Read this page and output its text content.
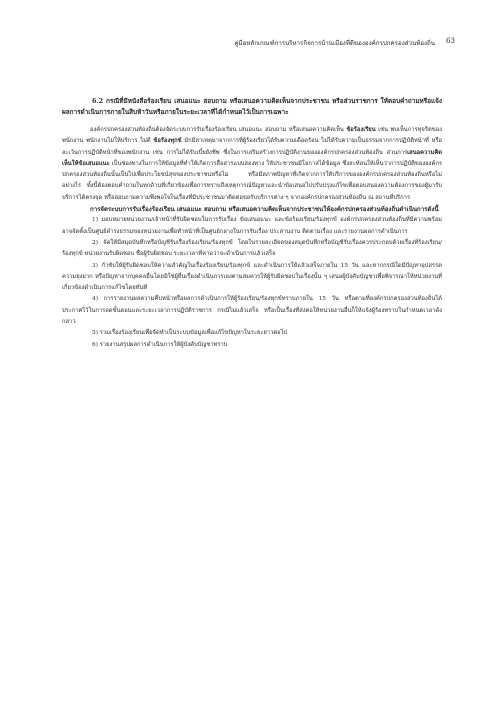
คู่มือหลักเกณฑ์การบริหารกิจการบ้านเมืองที่ดีขององค์กรปกครองส่วนท้องถิ่น 63

6.2 กรณีที่มีหนังสือร้องเรียน เสนอแนะ สอบถาม หรือเสนอความคิดเห็นจากประชาชน หรือส่วนราชการ ให้ตอบคำถามหรือแจ้งผลการดำเนินการภายในสิบห้าวันหรือภายในระยะเวลาที่ได้กำหนดไว้เป็นการเฉพาะ

องค์กรปกครองส่วนท้องถิ่นต้องจัดระบบการรับเรื่องร้องเรียน เสนอแนะ สอบถาม หรือเสนอความคิดเห็น ข้อร้องเรียน เช่น พบเห็นการทุจริตของพนักงาน พนักงานไม่ให้บริการ ไม่ดี ข้อร้องทุกข์ มักมีสาเหตุมาจากการที่ผู้ร้องเรียวได้รับความเดือดร้อน ไม่ได้รับความเป็นธรรมจากการปฏิบัติหน้าที่ หรือละเว้นการปฏิบัติหน้าที่ของพนักงาน เช่น การไม่ได้รับเบี้ยยังชีพ ซึ่งในการเสริมสร้างการปฏิบัติงานขององค์กรปกครองส่วนท้องถิ่น ส่วนการเสนอความคิดเห็นให้ข้อเสนอแนะ เป็นช่องทางในการให้ข้อมูลที่ทำให้เกิดการสื่อสารแบบสองทาง ให้ประชาชนมีโอกาสได้ข้อมูล ซึ่งสะท้อนให้เห็นว่าการปฏิบัติขององค์กรปกครองส่วนท้องถิ่นนั้นเป็นไปเพื่อประโยชน์สุขของประชาชนหรือไม่ หรือมีสภาพปัญหาที่เกิดจากการให้บริการขององค์กรปกครองส่วนท้องถิ่นหรือไม่ อย่างไร ทั้งนี้ต้องตอบคำถามในทุกด้านที่เกี่ยวข้องเพื่อการทราบถึงเหตุการณ์ปัญหาและนำข้อเสนอไปปรับปรุงแก้ไขเพื่อตอบสนองความต้องการของผู้มารับบริการได้ตรงจุด หรือสอบถามความพึงพอใจในเรื่องที่มีประชาชนมาติดต่อขอรับบริการต่าง ๆ จากองค์กรปกครองส่วนท้องถิ่น ณ สถานที่บริการ

การจัดระบบการรับเรื่องร้องเรียน เสนอแนะ สอบถาม หรือเสนอความคิดเห็นจากประชาชนให้องค์กรปกครองส่วนท้องถิ่นดำเนินการดังนี้

1) มอบหมายหน่วยงาน/เจ้าหน้าที่รับผิดชอบในการรับเรื่อง ข้อเสนอแนะ และข้อร้องเรียน/ร้องทุกข์ องค์กรปกครองส่วนท้องถิ่นที่มีความพร้อมอาจจัดตั้งเป็นศูนย์ดำรงธรรมของหน่วยงานเพื่อทำหน้าที่เป็นศูนย์กลางในการรับเรื่อง ประสานงาน ติดตามเรื่อง และรายงานผลการดำเนินการ
2) จัดให้มีสมุดบันทึกหรือบัญชีรับเรื่องร้องเรียน/ร้องทุกข์ โดยในรายละเอียดของสมุดบันทึกหรือบัญชีรับเรื่องควรประกอบด้วยเรื่องที่ร้องเรียน/ร้องทุกข์ หน่วยงานรับผิดชอบ ชื่อผู้รับผิดชอบ ระยะเวลาที่คาดว่าจะดำเนินการแล้วเสร็จ
3) กำชับให้ผู้รับผิดชอบให้ความสำคัญในเรื่องร้องเรียน/ร้องทุกข์ และดำเนินการให้แล้วเสร็จภายใน 15 วัน และหากกรณีใดมีปัญหาอุปสรรค ความยุ่งยาก หรือปัญหาจากบุคคลอื่นโดยมิใช่ผู้ยื่นเรื่องดำเนินการเองตามสมควรให้ผู้รับผิดชอบในเรื่องนั้น ๆ เสนอผู้บังคับบัญชาเพื่อพิจารณาให้หน่วยงานที่เกี่ยวข้องดำเนินการแก้ไขโดยทันที
4) การรายงานผลความคืบหน้าหรือผลการดำเนินการให้ผู้ร้องเรียน/ร้องทุกข์ทราบภายใน 15 วัน หรือตามที่องค์กรปกครองส่วนท้องถิ่นได้ประกาศไว้ในการลดขั้นตอนและระยะเวลาการปฏิบัติราชการ กรณีไม่แล้วเสร็จ หรือเป็นเรื่องที่ส่งต่อให้หน่วยงานอื่นก็ให้แจ้งผู้ร้องทราบในกำหนดเวลาดังกล่าว
5) รวมเรื่องร้องเรียนเพื่อจัดทำเป็นระบบข้อมูลเพื่อแก้ไขปัญหาในระยะยาวต่อไป
6) รายงานสรุปผลการดำเนินการให้ผู้บังคับบัญชาทราบ
